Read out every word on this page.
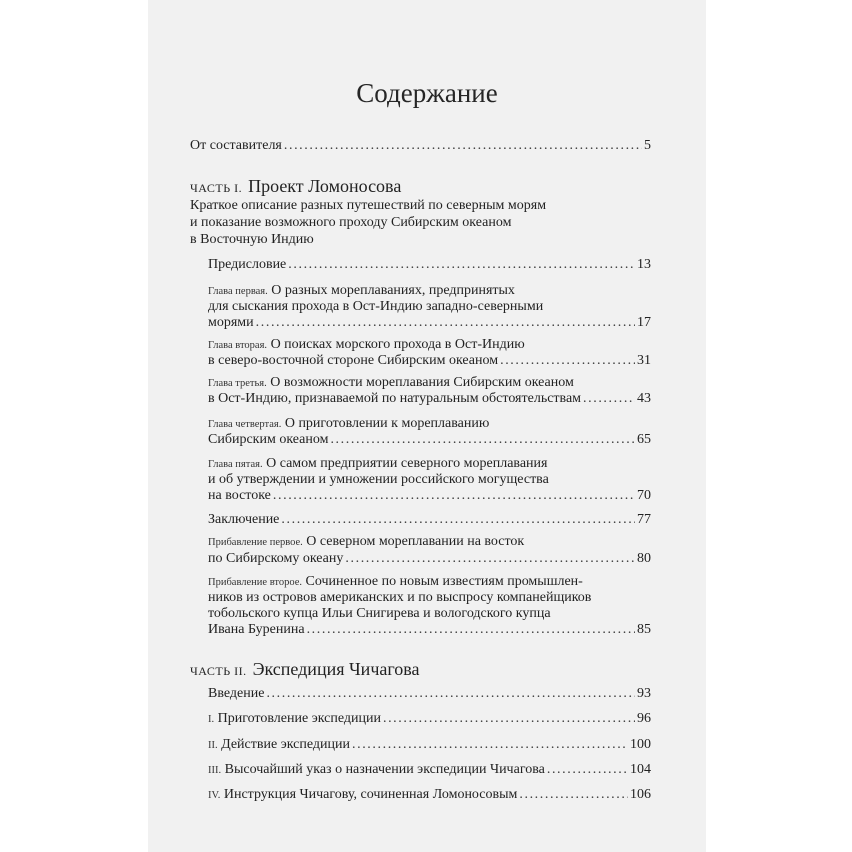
Содержание
От составителя .....	5
ЧАСТЬ I. Проект Ломоносова
Краткое описание разных путешествий по северным морям
и показание возможного проходу Сибирским океаном
в Восточную Индию
Предисловие .....	13
Глава первая. О разных мореплаваниях, предпринятых
для сыскания прохода в Ост-Индию западно-северными
морями .....	17
Глава вторая. О поисках морского прохода в Ост-Индию
в северо-восточной стороне Сибирским океаном .....	31
Глава третья. О возможности мореплавания Сибирским океаном
в Ост-Индию, признаваемой по натуральным обстоятельствам .....	43
Глава четвертая. О приготовлении к мореплаванию
Сибирским океаном .....	65
Глава пятая. О самом предприятии северного мореплавания
и об утверждении и умножении российского могущества
на востоке .....	70
Заключение .....	77
Прибавление первое. О северном мореплавании на восток
по Сибирскому океану .....	80
Прибавление второе. Сочиненное по новым известиям промышлен-
ников из островов американских и по выспросу компанейщиков
тобольского купца Ильи Снигирева и вологодского купца
Ивана Буренина .....	85
ЧАСТЬ II. Экспедиция Чичагова
Введение .....	93
I. Приготовление экспедиции .....	96
II. Действие экспедиции .....	100
III. Высочайший указ о назначении экспедиции Чичагова .....	104
IV. Инструкция Чичагову, сочиненная Ломоносовым .....	106
